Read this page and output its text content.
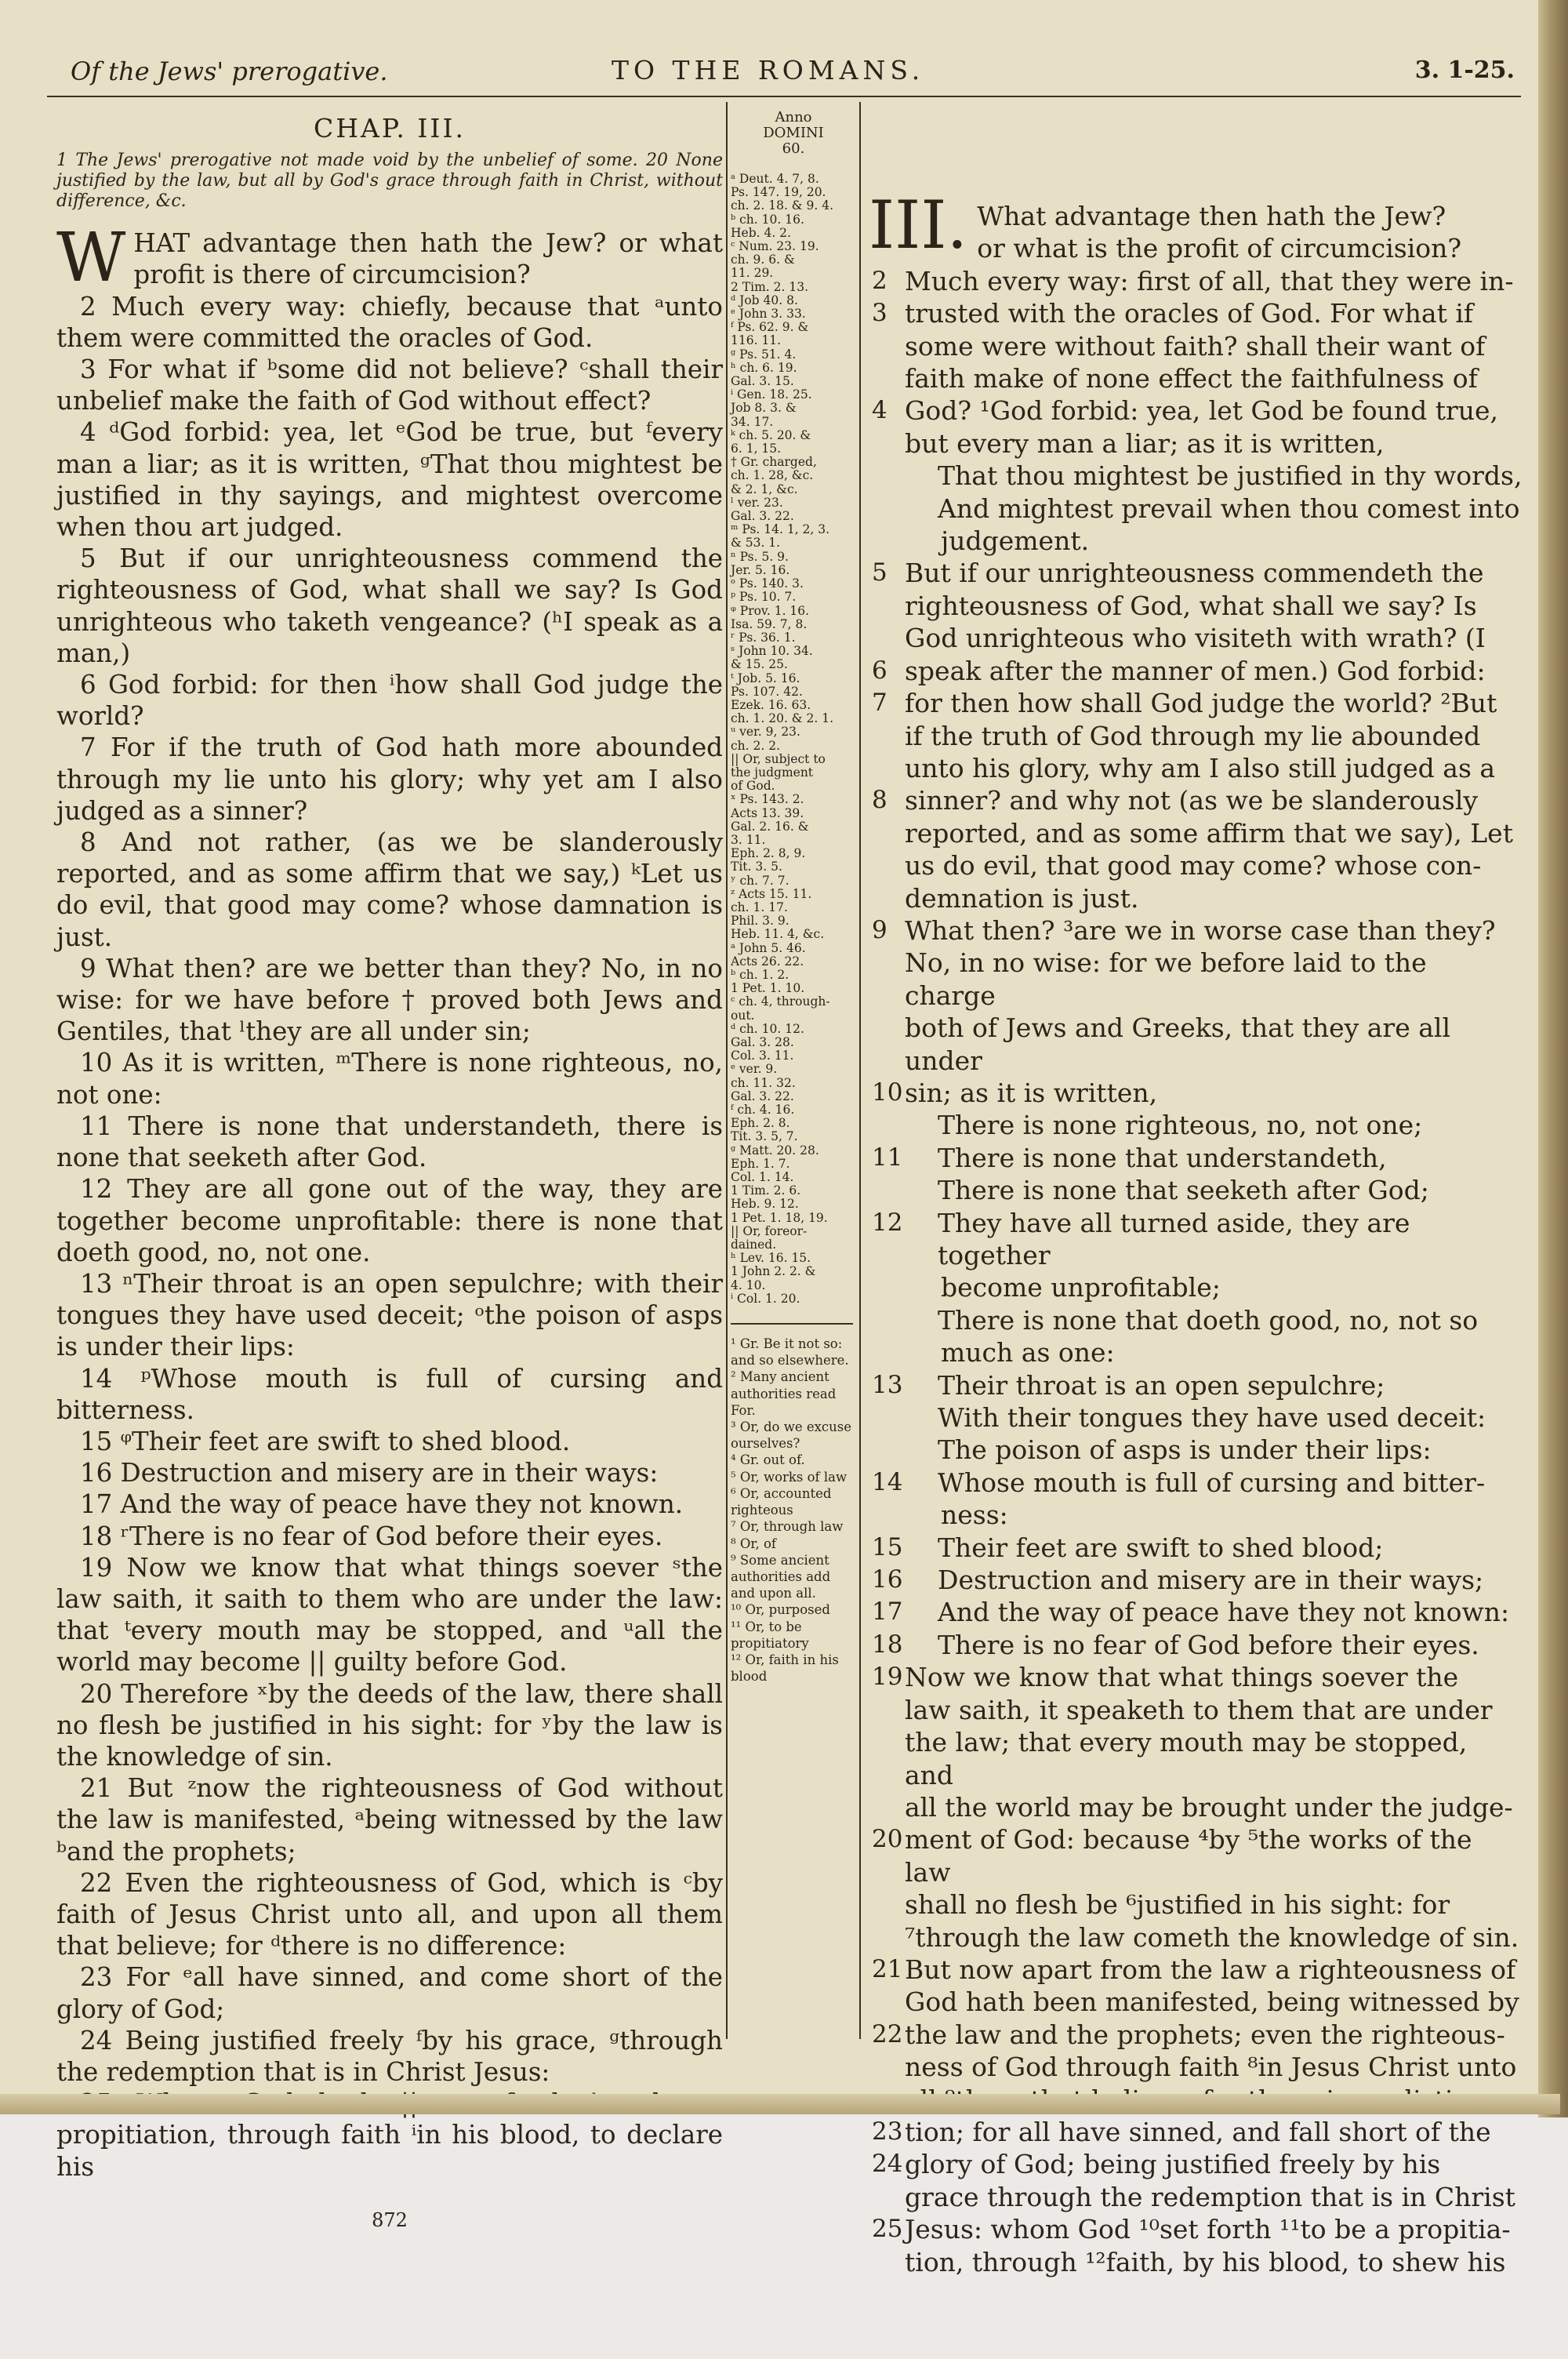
Of the Jews' prerogative.	TO THE ROMANS.	3. 1-25.
CHAP. III.
1 The Jews' prerogative not made void by the unbelief of some. 20 None justified by the law, but all by God's grace through faith in Christ, without difference, &c.

WHAT advantage then hath the Jew? or what profit is there of circumcision?

2 Much every way: chiefly, because that ᵃunto them were committed the oracles of God.

3 For what if ᵇsome did not believe? ᶜshall their unbelief make the faith of God without effect?

4 ᵈGod forbid: yea, let ᵉGod be true, but ᶠevery man a liar; as it is written, ᵍThat thou mightest be justified in thy sayings, and mightest overcome when thou art judged.

5 But if our unrighteousness commend the righteousness of God, what shall we say? Is God unrighteous who taketh vengeance? (ʰI speak as a man,)

6 God forbid: for then ⁱhow shall God judge the world?

7 For if the truth of God hath more abounded through my lie unto his glory; why yet am I also judged as a sinner?

8 And not rather, (as we be slanderously reported, and as some affirm that we say,) ᵏLet us do evil, that good may come? whose damnation is just.

9 What then? are we better than they? No, in no wise: for we have before † proved both Jews and Gentiles, that ˡthey are all under sin;

10 As it is written, ᵐThere is none righteous, no, not one:

11 There is none that understandeth, there is none that seeketh after God.

12 They are all gone out of the way, they are together become unprofitable: there is none that doeth good, no, not one.

13 ⁿTheir throat is an open sepulchre; with their tongues they have used deceit; ᵒthe poison of asps is under their lips:

14 ᵖWhose mouth is full of cursing and bitterness.

15 ᵠTheir feet are swift to shed blood.

16 Destruction and misery are in their ways:

17 And the way of peace have they not known.

18 ʳThere is no fear of God before their eyes.

19 Now we know that what things soever ˢthe law saith, it saith to them who are under the law: that ᵗevery mouth may be stopped, and ᵘall the world may become || guilty before God.

20 Therefore ˣby the deeds of the law, there shall no flesh be justified in his sight: for ʸby the law is the knowledge of sin.

21 But ᶻnow the righteousness of God without the law is manifested, ᵃbeing witnessed by the law ᵇand the prophets;

22 Even the righteousness of God, which is ᶜby faith of Jesus Christ unto all, and upon all them that believe; for ᵈthere is no difference:

23 For ᵉall have sinned, and come short of the glory of God;

24 Being justified freely ᶠby his grace, ᵍthrough the redemption that is in Christ Jesus:

propitiation, through faith ⁱin his blood, to declare his

872
Anno
DOMINI
60.
ᵃ Deut. 4. 7, 8.
Ps. 147. 19, 20.
ch. 2. 18. & 9. 4.
ᵇ ch. 10. 16.
Heb. 4. 2.
ᶜ Num. 23. 19.
ch. 9. 6. &
11. 29.
2 Tim. 2. 13.
ᵈ Job 40. 8.
ᵉ John 3. 33.
ᶠ Ps. 62. 9. &
116. 11.
ᵍ Ps. 51. 4.
ʰ ch. 6. 19.
Gal. 3. 15.
ⁱ Gen. 18. 25.
Job 8. 3. &
34. 17.
ᵏ ch. 5. 20. &
6. 1, 15.
† Gr. charged,
ch. 1. 28, &c.
& 2. 1, &c.
ˡ ver. 23.
Gal. 3. 22.
ᵐ Ps. 14. 1, 2, 3.
& 53. 1.
ⁿ Ps. 5. 9.
Jer. 5. 16.
ᵒ Ps. 140. 3.
ᵖ Ps. 10. 7.
ᵠ Prov. 1. 16.
Isa. 59. 7, 8.
ʳ Ps. 36. 1.
ˢ John 10. 34.
& 15. 25.
ᵗ Job. 5. 16.
Ps. 107. 42.
Ezek. 16. 63.
ch. 1. 20. & 2. 1.
ᵘ ver. 9, 23.
ch. 2. 2.
|| Or, subject to
the judgment
of God.
ˣ Ps. 143. 2.
Acts 13. 39.
Gal. 2. 16. &
3. 11.
Eph. 2. 8, 9.
Tit. 3. 5.
ʸ ch. 7. 7.
ᶻ Acts 15. 11.
ch. 1. 17.
Phil. 3. 9.
Heb. 11. 4, &c.
ᵃ John 5. 46.
Acts 26. 22.
ᵇ ch. 1. 2.
1 Pet. 1. 10.
ᶜ ch. 4, through-
out.
ᵈ ch. 10. 12.
Gal. 3. 28.
Col. 3. 11.
ᵉ ver. 9.
ch. 11. 32.
Gal. 3. 22.
ᶠ ch. 4. 16.
Eph. 2. 8.
Tit. 3. 5, 7.
ᵍ Matt. 20. 28.
Eph. 1. 7.
Col. 1. 14.
1 Tim. 2. 6.
Heb. 9. 12.
1 Pet. 1. 18, 19.
|| Or, foreor-
dained.
ʰ Lev. 16. 15.
1 John 2. 2. &
4. 10.
ⁱ Col. 1. 20.
¹ Gr. Be it not so: and so elsewhere.
² Many ancient authorities read For.
³ Or, do we excuse ourselves?
⁴ Gr. out of.
⁵ Or, works of law
⁶ Or, accounted righteous
⁷ Or, through law
⁸ Or, of
⁹ Some ancient authorities add and upon all.
¹⁰ Or, purposed
¹¹ Or, to be propitiatory
¹² Or, faith in his blood
III. What advantage then hath the Jew?
or what is the profit of circumcision?
2 Much every way: first of all, that they were in-
3 trusted with the oracles of God. For what if
some were without faith? shall their want of
faith make of none effect the faithfulness of
4 God? ¹God forbid: yea, let God be found true,
but every man a liar; as it is written,
That thou mightest be justified in thy words,
And mightest prevail when thou comest into
judgement.
5 But if our unrighteousness commendeth the
righteousness of God, what shall we say? Is
God unrighteous who visiteth with wrath? (I
6 speak after the manner of men.) God forbid:
7 for then how shall God judge the world? ²But
if the truth of God through my lie abounded
unto his glory, why am I also still judged as a
8 sinner? and why not (as we be slanderously
reported, and as some affirm that we say), Let
us do evil, that good may come? whose con-
demnation is just.
9 What then? ³are we in worse case than they?
No, in no wise: for we before laid to the charge
both of Jews and Greeks, that they are all under
10 sin; as it is written,
There is none righteous, no, not one;
11 There is none that understandeth,
There is none that seeketh after God;
12 They have all turned aside, they are together
become unprofitable;
There is none that doeth good, no, not so
much as one:
13 Their throat is an open sepulchre;
With their tongues they have used deceit:
The poison of asps is under their lips:
14 Whose mouth is full of cursing and bitter-
ness:
15 Their feet are swift to shed blood;
16 Destruction and misery are in their ways;
17 And the way of peace have they not known:
18 There is no fear of God before their eyes.
19 Now we know that what things soever the
law saith, it speaketh to them that are under
the law; that every mouth may be stopped, and
all the world may be brought under the judge-
20 ment of God: because ⁴by ⁵the works of the law
shall no flesh be ⁶justified in his sight: for
⁷through the law cometh the knowledge of sin.
21 But now apart from the law a righteousness of
God hath been manifested, being witnessed by
22 the law and the prophets; even the righteous-
ness of God through faith ⁸in Jesus Christ unto
23 tion; for all have sinned, and fall short of the
24 glory of God; being justified freely by his
grace through the redemption that is in Christ
25 Jesus: whom God ¹⁰set forth ¹¹to be a propitia-
tion, through ¹²faith, by his blood, to shew his
